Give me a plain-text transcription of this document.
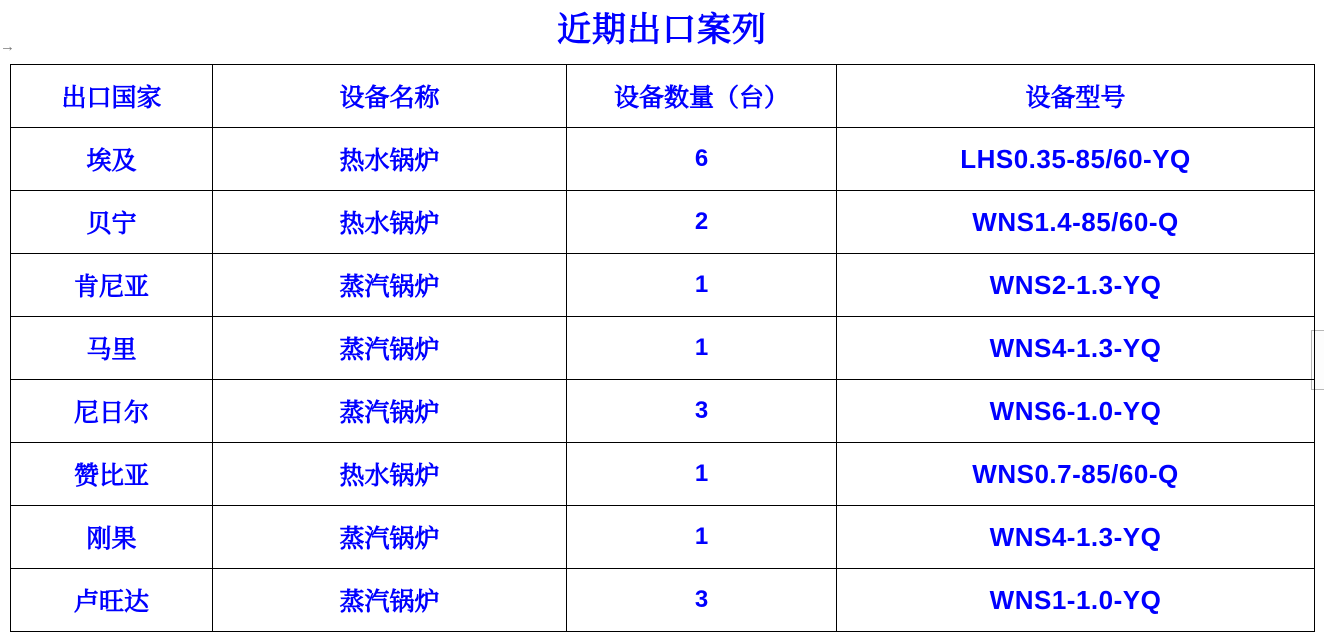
→	近期出口案列
出口国家	设备名称	设备数量（台）	设备型号
埃及	热水锅炉	6	LHS0.35-85/60-YQ
贝宁	热水锅炉	2	WNS1.4-85/60-Q
肯尼亚	蒸汽锅炉	1	WNS2-1.3-YQ
马里	蒸汽锅炉	1	WNS4-1.3-YQ
尼日尔	蒸汽锅炉	3	WNS6-1.0-YQ
赞比亚	热水锅炉	1	WNS0.7-85/60-Q
刚果	蒸汽锅炉	1	WNS4-1.3-YQ
卢旺达	蒸汽锅炉	3	WNS1-1.0-YQ
